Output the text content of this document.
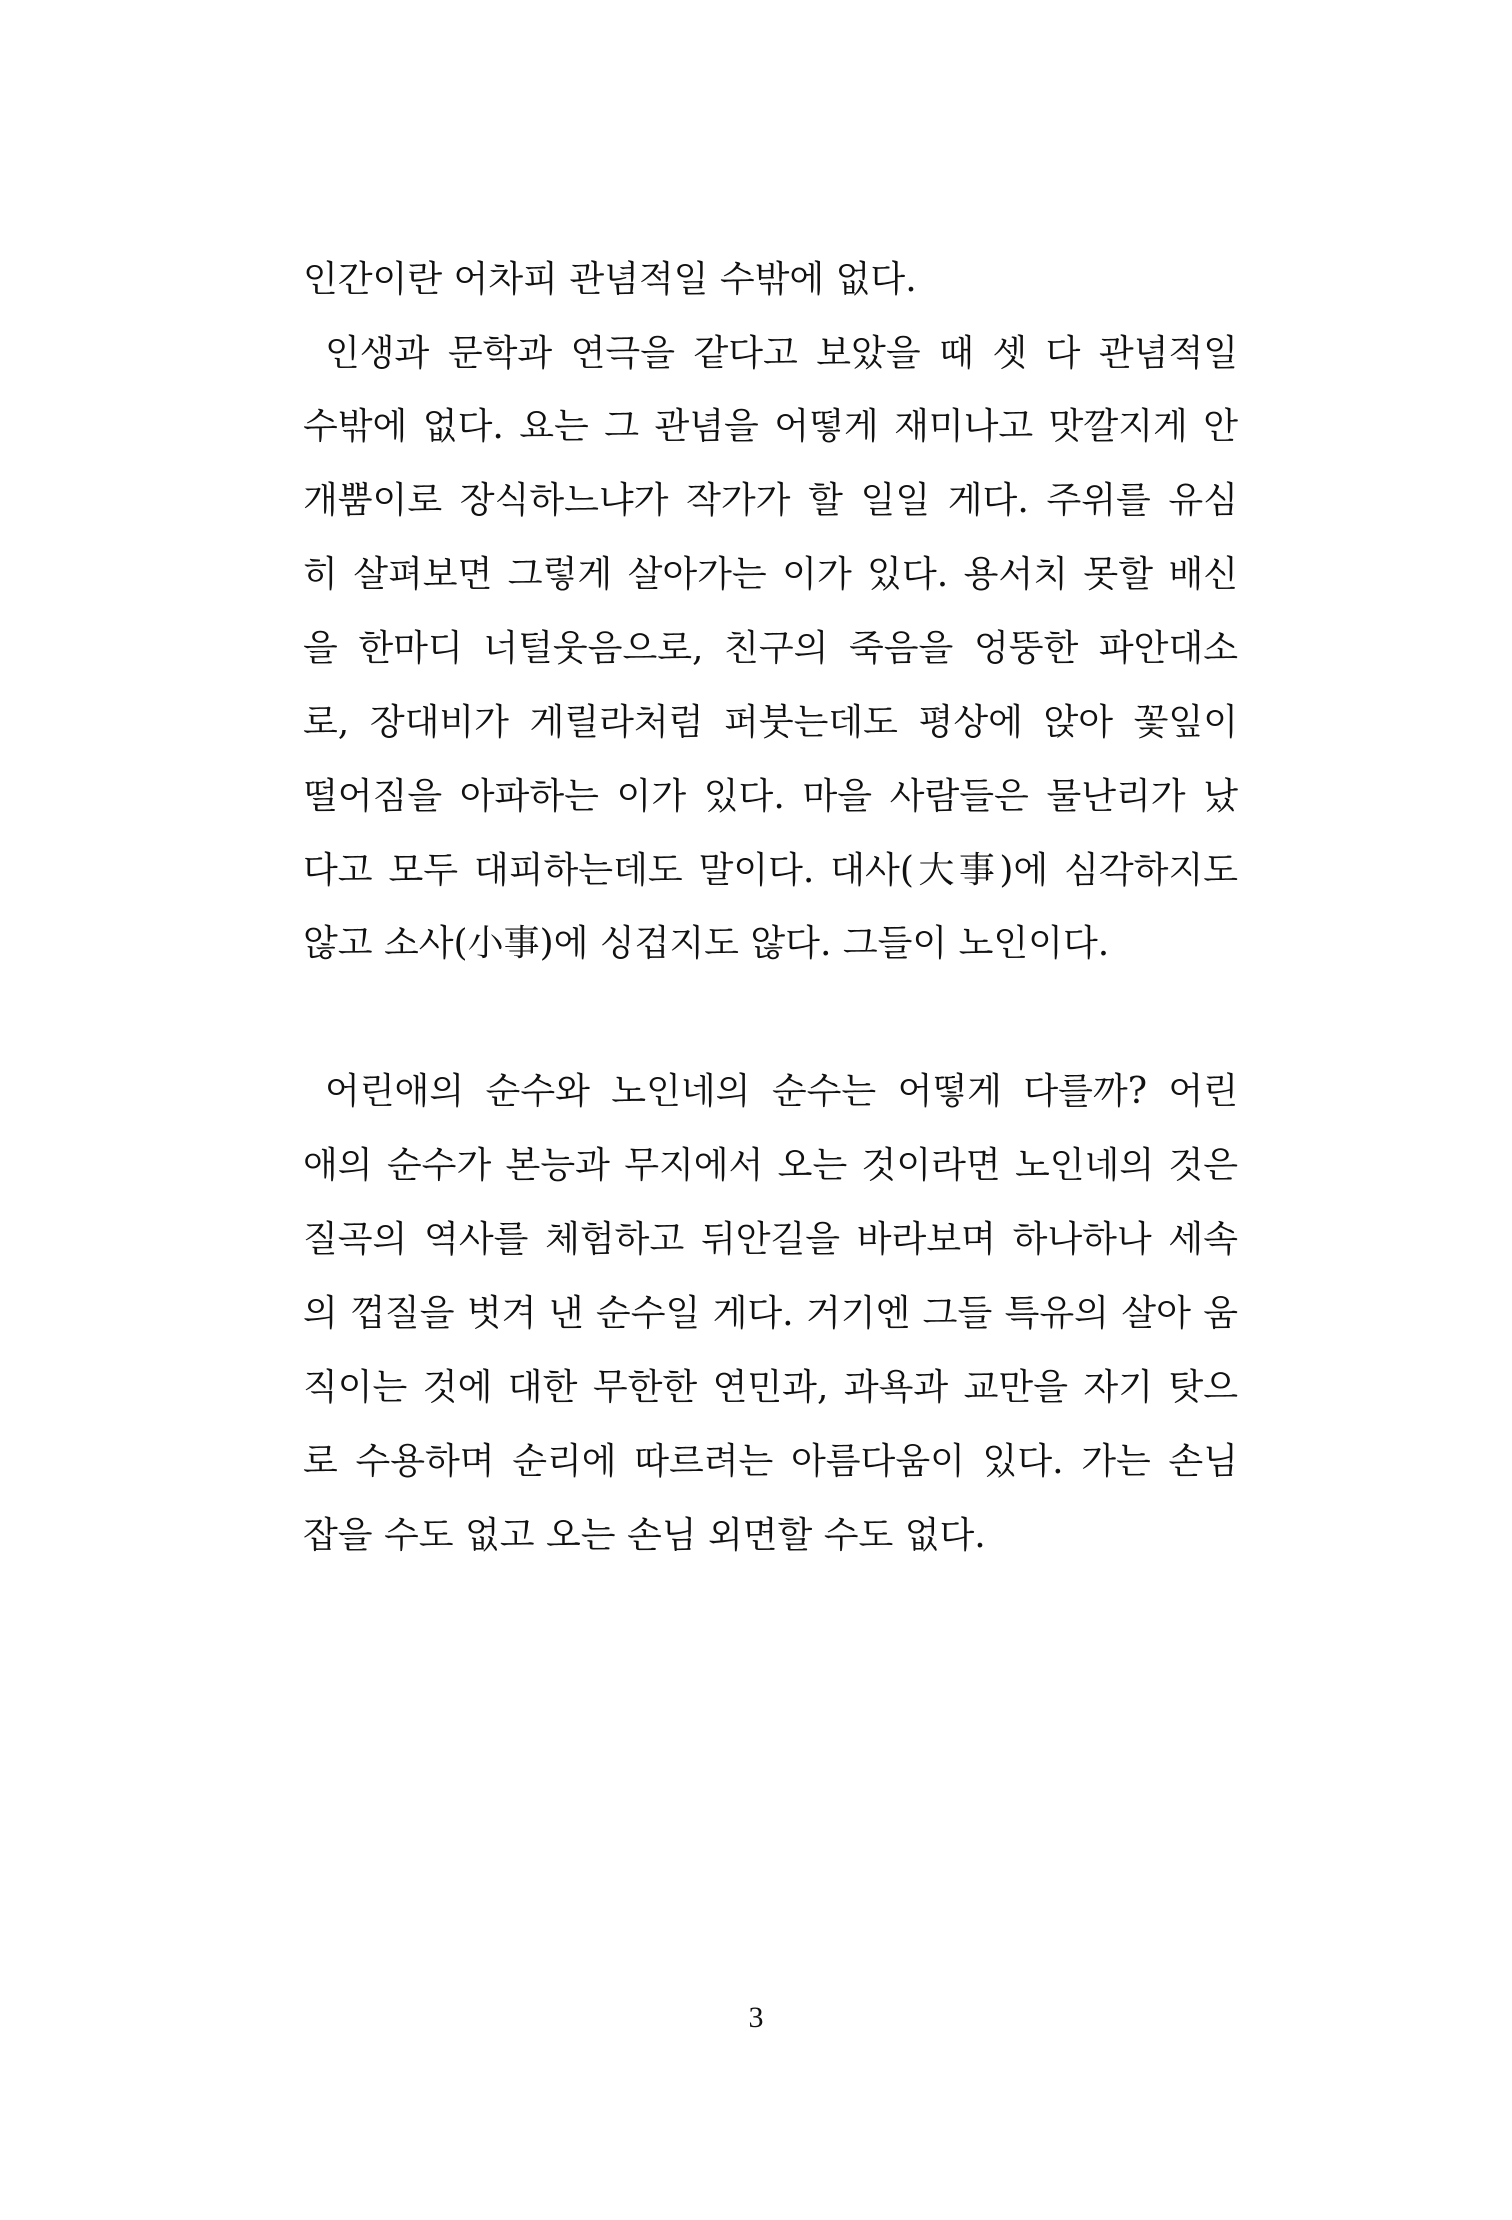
인간이란 어차피 관념적일 수밖에 없다.
인생과 문학과 연극을 같다고 보았을 때 셋 다 관념적일
수밖에 없다. 요는 그 관념을 어떻게 재미나고 맛깔지게 안
개뿜이로 장식하느냐가 작가가 할 일일 게다. 주위를 유심
히 살펴보면 그렇게 살아가는 이가 있다. 용서치 못할 배신
을 한마디 너털웃음으로, 친구의 죽음을 엉뚱한 파안대소
로, 장대비가 게릴라처럼 퍼붓는데도 평상에 앉아 꽃잎이
떨어짐을 아파하는 이가 있다. 마을 사람들은 물난리가 났
다고 모두 대피하는데도 말이다. 대사(大事)에 심각하지도
않고 소사(小事)에 싱겁지도 않다. 그들이 노인이다.
어린애의 순수와 노인네의 순수는 어떻게 다를까? 어린
애의 순수가 본능과 무지에서 오는 것이라면 노인네의 것은
질곡의 역사를 체험하고 뒤안길을 바라보며 하나하나 세속
의 껍질을 벗겨 낸 순수일 게다. 거기엔 그들 특유의 살아 움
직이는 것에 대한 무한한 연민과, 과욕과 교만을 자기 탓으
로 수용하며 순리에 따르려는 아름다움이 있다. 가는 손님
잡을 수도 없고 오는 손님 외면할 수도 없다.
3
